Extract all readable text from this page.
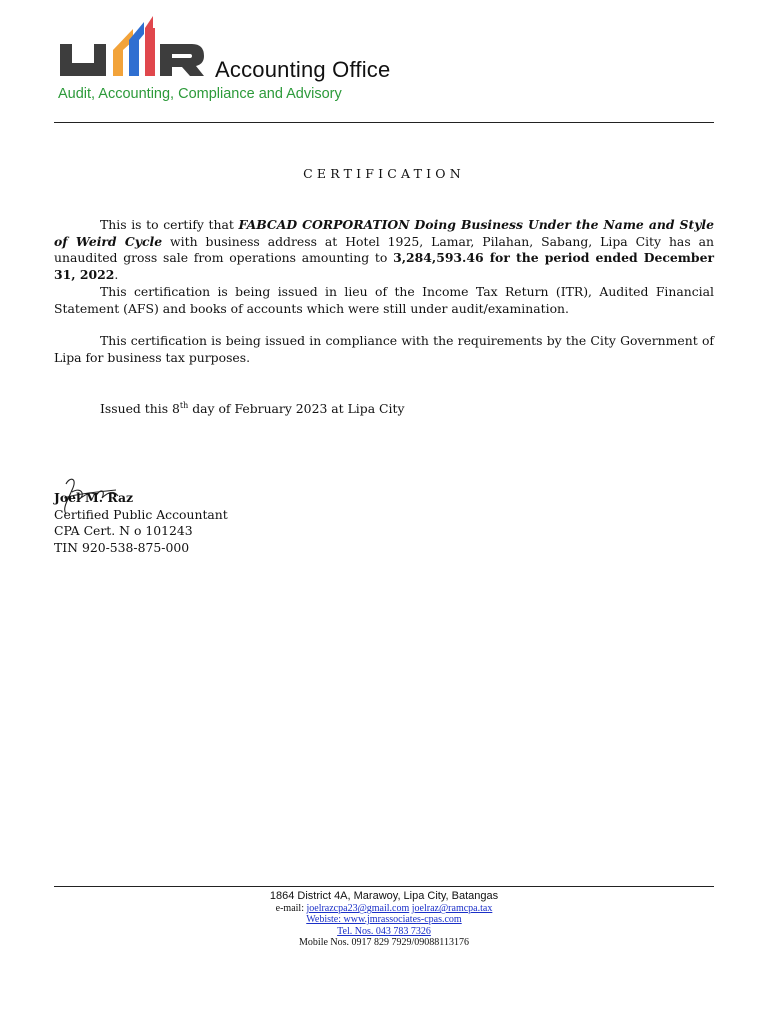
Accounting Office
Audit, Accounting, Compliance and Advisory
CERTIFICATION
This is to certify that FABCAD CORPORATION Doing Business Under the Name and Style of Weird Cycle with business address at Hotel 1925, Lamar, Pilahan, Sabang, Lipa City has an unaudited gross sale from operations amounting to 3,284,593.46 for the period ended December 31, 2022.
This certification is being issued in lieu of the Income Tax Return (ITR), Audited Financial Statement (AFS) and books of accounts which were still under audit/examination.
This certification is being issued in compliance with the requirements by the City Government of Lipa for business tax purposes.
Issued this 8th day of February 2023 at Lipa City
Joel M. Raz
Certified Public Accountant
CPA Cert. N o 101243
TIN 920-538-875-000
1864 District 4A, Marawoy, Lipa City, Batangas
e-mail: joelrazcpa23@gmail.com joelraz@ramcpa.tax
Webiste: www.jmrassociates-cpas.com
Tel. Nos. 043 783 7326
Mobile Nos. 0917 829 7929/09088113176
